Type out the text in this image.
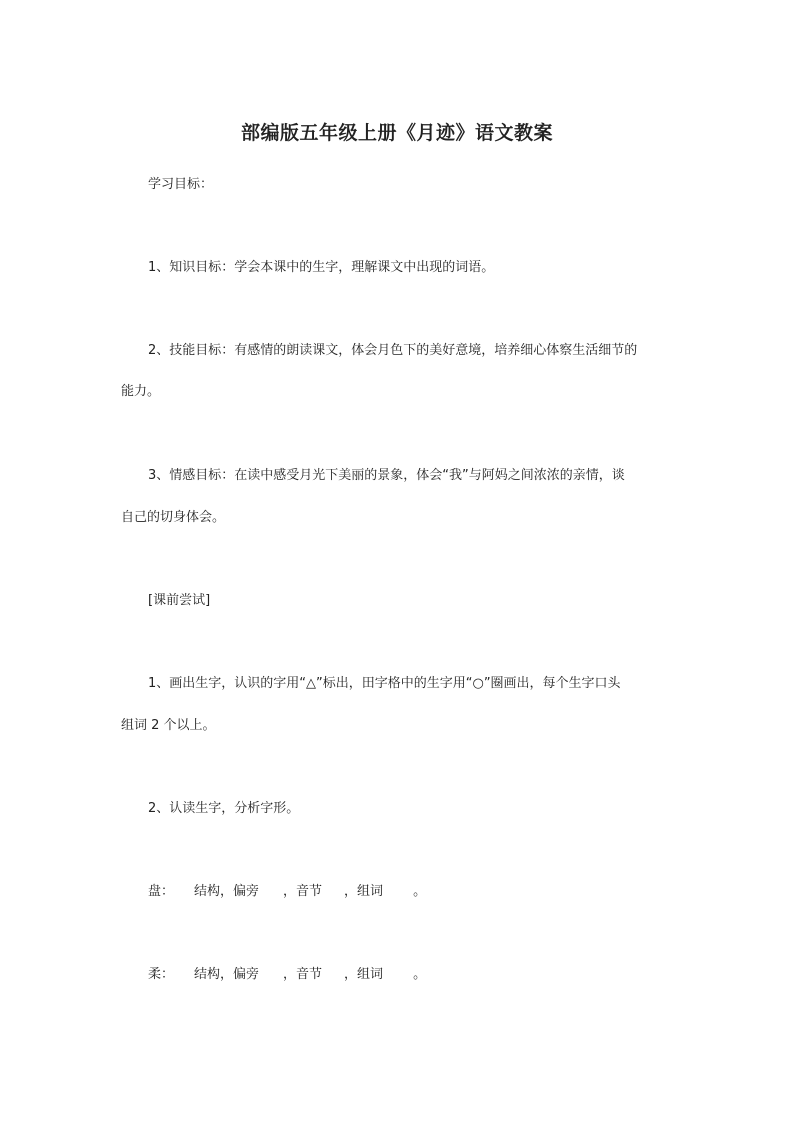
部编版五年级上册《月迹》语文教案
学习目标：
1、知识目标：学会本课中的生字，理解课文中出现的词语。
2、技能目标：有感情的朗读课文，体会月色下的美好意境，培养细心体察生活细节的
能力。
3、情感目标：在读中感受月光下美丽的景象，体会“我”与阿妈之间浓浓的亲情，谈
自己的切身体会。
[课前尝试]
1、画出生字，认识的字用“△”标出，田字格中的生字用“○”圈画出，每个生字口头
组词 2 个以上。
2、认读生字，分析字形。
盘： 结构，偏旁 ，音节 ，组词 。
柔： 结构，偏旁 ，音节 ，组词 。
